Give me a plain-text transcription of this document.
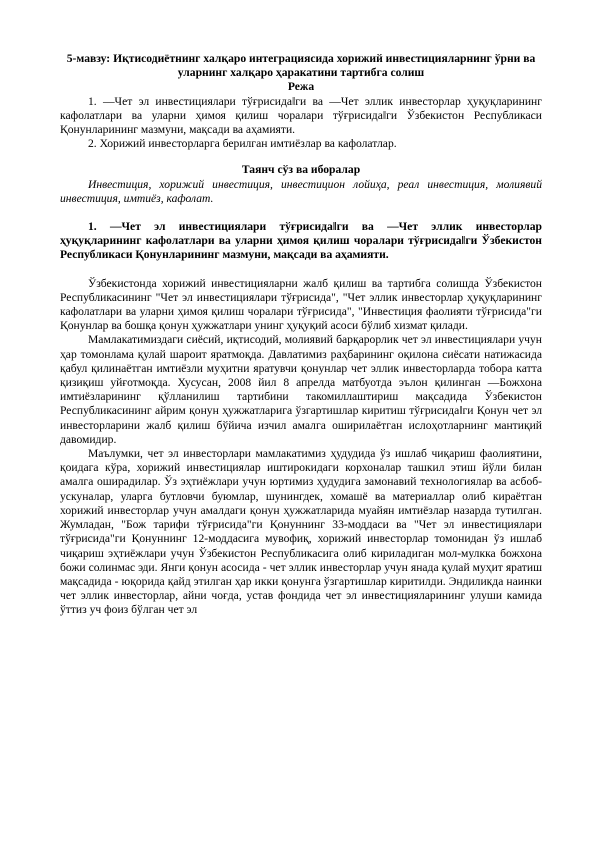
5-мавзу: Иқтисодиётнинг халқаро интеграциясида хорижий инвестицияларнинг ўрни ва уларнинг халқаро ҳаракатини тартибга солиш

Режа

1. ―Чет эл инвестициялари тўғрисида‖ги ва ―Чет эллик инвесторлар ҳуқуқларининг кафолатлари ва уларни ҳимоя қилиш чоралари тўғрисида‖ги Ўзбекистон Республикаси Қонунларининг мазмуни, мақсади ва аҳамияти.

2. Хорижий инвесторларга берилган имтиёзлар ва кафолатлар.

Таянч сўз ва иборалар

Инвестиция, хорижий инвестиция, инвестицион лойиҳа, реал инвестиция, молиявий инвестиция, имтиёз, кафолат.

1. ―Чет эл инвестициялари тўғрисида‖ги ва ―Чет эллик инвесторлар ҳуқуқларининг кафолатлари ва уларни ҳимоя қилиш чоралари тўғрисида‖ги Ўзбекистон Республикаси Қонунларининг мазмуни, мақсади ва аҳамияти.

Ўзбекистонда хорижий инвестицияларни жалб қилиш ва тартибга солишда Ўзбекистон Республикасининг "Чет эл инвестициялари тўғрисида", "Чет эллик инвесторлар ҳуқуқларининг кафолатлари ва уларни ҳимоя қилиш чоралари тўғрисида", "Инвестиция фаолияти тўғрисида"ги Қонунлар ва бошқа қонун ҳужжатлари унинг ҳуқуқий асоси бўлиб хизмат қилади.

Мамлакатимиздаги сиёсий, иқтисодий, молиявий барқарорлик чет эл инвестициялари учун ҳар томонлама қулай шароит яратмоқда. Давлатимиз раҳбарининг оқилона сиёсати натижасида қабул қилинаётган имтиёзли муҳитни яратувчи қонунлар чет эллик инвесторларда тобора катта қизиқиш уйғотмоқда. Хусусан, 2008 йил 8 апрелда матбуотда эълон қилинган ―Божхона имтиёзларининг қўлланилиш тартибини такомиллаштириш мақсадида Ўзбекистон Республикасининг айрим қонун ҳужжатларига ўзгартишлар киритиш тўғрисида‖ги Қонун чет эл инвесторларини жалб қилиш бўйича изчил амалга оширилаётган ислоҳотларнинг мантиқий давомидир.

Маълумки, чет эл инвесторлари мамлакатимиз ҳудудида ўз ишлаб чиқариш фаолиятини, қоидага кўра, хорижий инвестициялар иштирокидаги корхоналар ташкил этиш йўли билан амалга оширадилар. Ўз эҳтиёжлари учун юртимиз ҳудудига замонавий технологиялар ва асбоб-ускуналар, уларга бутловчи буюмлар, шунингдек, хомашё ва материаллар олиб кираётган хорижий инвесторлар учун амалдаги қонун ҳужжатларида муайян имтиёзлар назарда тутилган. Жумладан, "Бож тарифи тўғрисида"ги Қонуннинг 33-моддаси ва "Чет эл инвестициялари тўғрисида"ги Қонуннинг 12-моддасига мувофиқ, хорижий инвесторлар томонидан ўз ишлаб чиқариш эҳтиёжлари учун Ўзбекистон Республикасига олиб кириладиган мол-мулкка божхона божи солинмас эди. Янги қонун асосида - чет эллик инвесторлар учун янада қулай муҳит яратиш мақсадида - юқорида қайд этилган ҳар икки қонунга ўзгартишлар киритилди. Эндиликда наинки чет эллик инвесторлар, айни чоғда, устав фондида чет эл инвестицияларининг улуши камида ўттиз уч фоиз бўлган чет эл
